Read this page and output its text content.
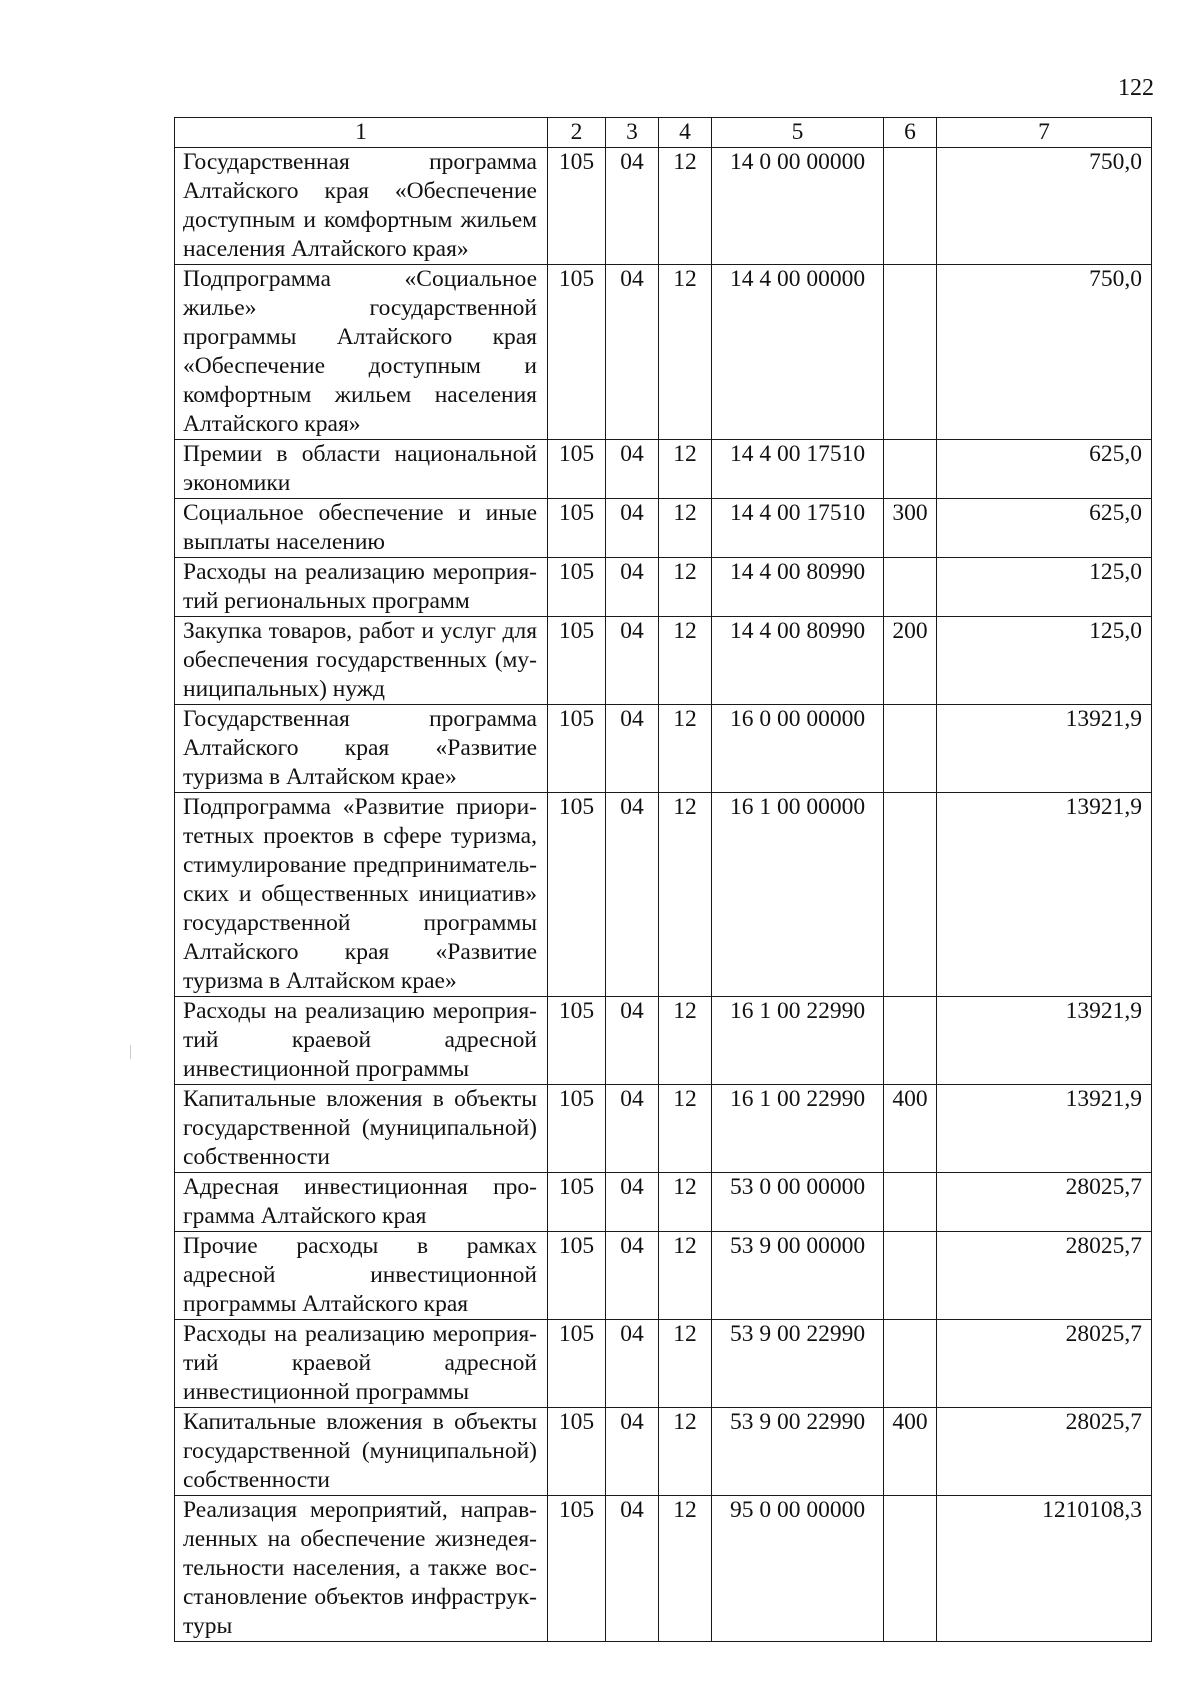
122
1	2	3	4	5	6	7
Государственная программа Алтайского края «Обеспечение доступным и комфортным жильем населения Алтайского края»	105	04	12	14 0 00 00000		750,0
Подпрограмма «Социальное жилье» государственной программы Алтайского края «Обеспечение доступным и комфортным жильем населения Алтайского края»	105	04	12	14 4 00 00000		750,0
Премии в области национальной экономики	105	04	12	14 4 00 17510		625,0
Социальное обеспечение и иные выплаты населению	105	04	12	14 4 00 17510	300	625,0
Расходы на реализацию мероприятий региональных программ	105	04	12	14 4 00 80990		125,0
Закупка товаров, работ и услуг для обеспечения государственных (муниципальных) нужд	105	04	12	14 4 00 80990	200	125,0
Государственная программа Алтайского края «Развитие туризма в Алтайском крае»	105	04	12	16 0 00 00000		13921,9
Подпрограмма «Развитие приоритетных проектов в сфере туризма, стимулирование предпринимательских и общественных инициатив» государственной программы Алтайского края «Развитие туризма в Алтайском крае»	105	04	12	16 1 00 00000		13921,9
Расходы на реализацию мероприятий краевой адресной инвестиционной программы	105	04	12	16 1 00 22990		13921,9
Капитальные вложения в объекты государственной (муниципальной) собственности	105	04	12	16 1 00 22990	400	13921,9
Адресная инвестиционная программа Алтайского края	105	04	12	53 0 00 00000		28025,7
Прочие расходы в рамках адресной инвестиционной программы Алтайского края	105	04	12	53 9 00 00000		28025,7
Расходы на реализацию мероприятий краевой адресной инвестиционной программы	105	04	12	53 9 00 22990		28025,7
Капитальные вложения в объекты государственной (муниципальной) собственности	105	04	12	53 9 00 22990	400	28025,7
Реализация мероприятий, направленных на обеспечение жизнедеятельности населения, а также восстановление объектов инфраструктуры	105	04	12	95 0 00 00000		1210108,3
